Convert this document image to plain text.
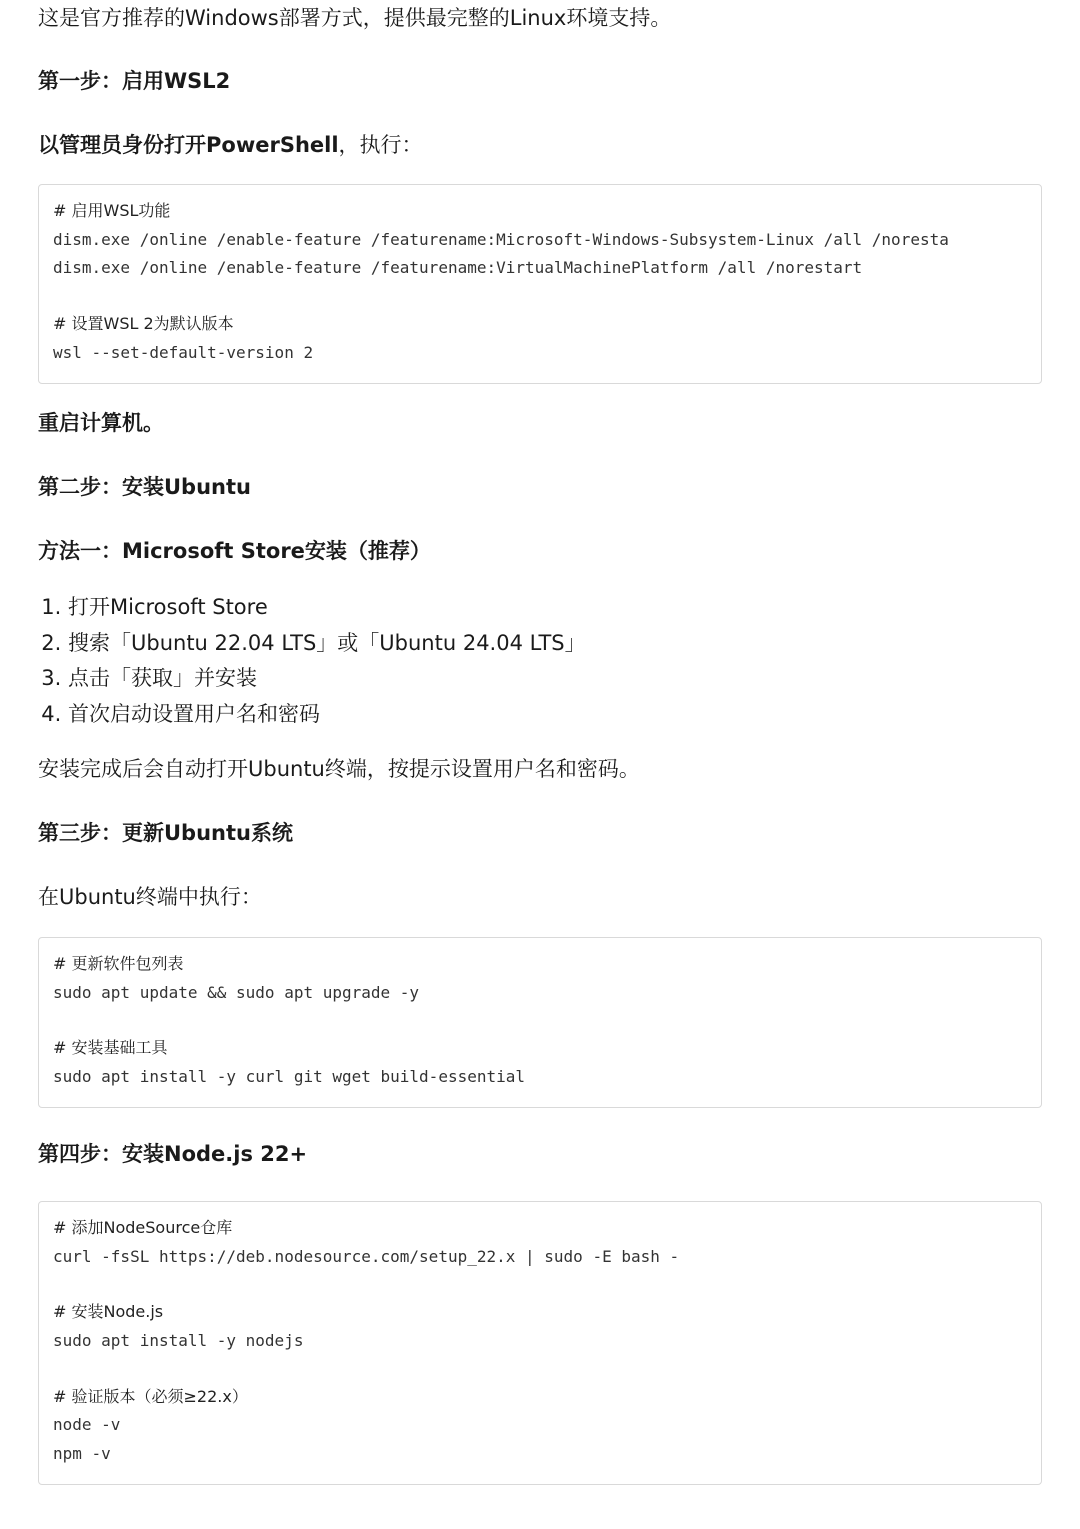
这是官方推荐的Windows部署方式，提供最完整的Linux环境支持。

第一步：启用WSL2

以管理员身份打开PowerShell，执行：

# 启用WSL功能
dism.exe /online /enable-feature /featurename:Microsoft-Windows-Subsystem-Linux /all /noresta
dism.exe /online /enable-feature /featurename:VirtualMachinePlatform /all /norestart
# 设置WSL 2为默认版本
wsl --set-default-version 2

重启计算机。

第二步：安装Ubuntu
方法一：Microsoft Store安装（推荐）
1. 打开Microsoft Store
2. 搜索「Ubuntu 22.04 LTS」或「Ubuntu 24.04 LTS」
3. 点击「获取」并安装
4. 首次启动设置用户名和密码

安装完成后会自动打开Ubuntu终端，按提示设置用户名和密码。

第三步：更新Ubuntu系统

在Ubuntu终端中执行：

# 更新软件包列表
sudo apt update && sudo apt upgrade -y
# 安装基础工具
sudo apt install -y curl git wget build-essential
第四步：安装Node.js 22+
# 添加NodeSource仓库
curl -fsSL https://deb.nodesource.com/setup_22.x | sudo -E bash -
# 安装Node.js
sudo apt install -y nodejs
# 验证版本（必须≥22.x）
node -v
npm -v
